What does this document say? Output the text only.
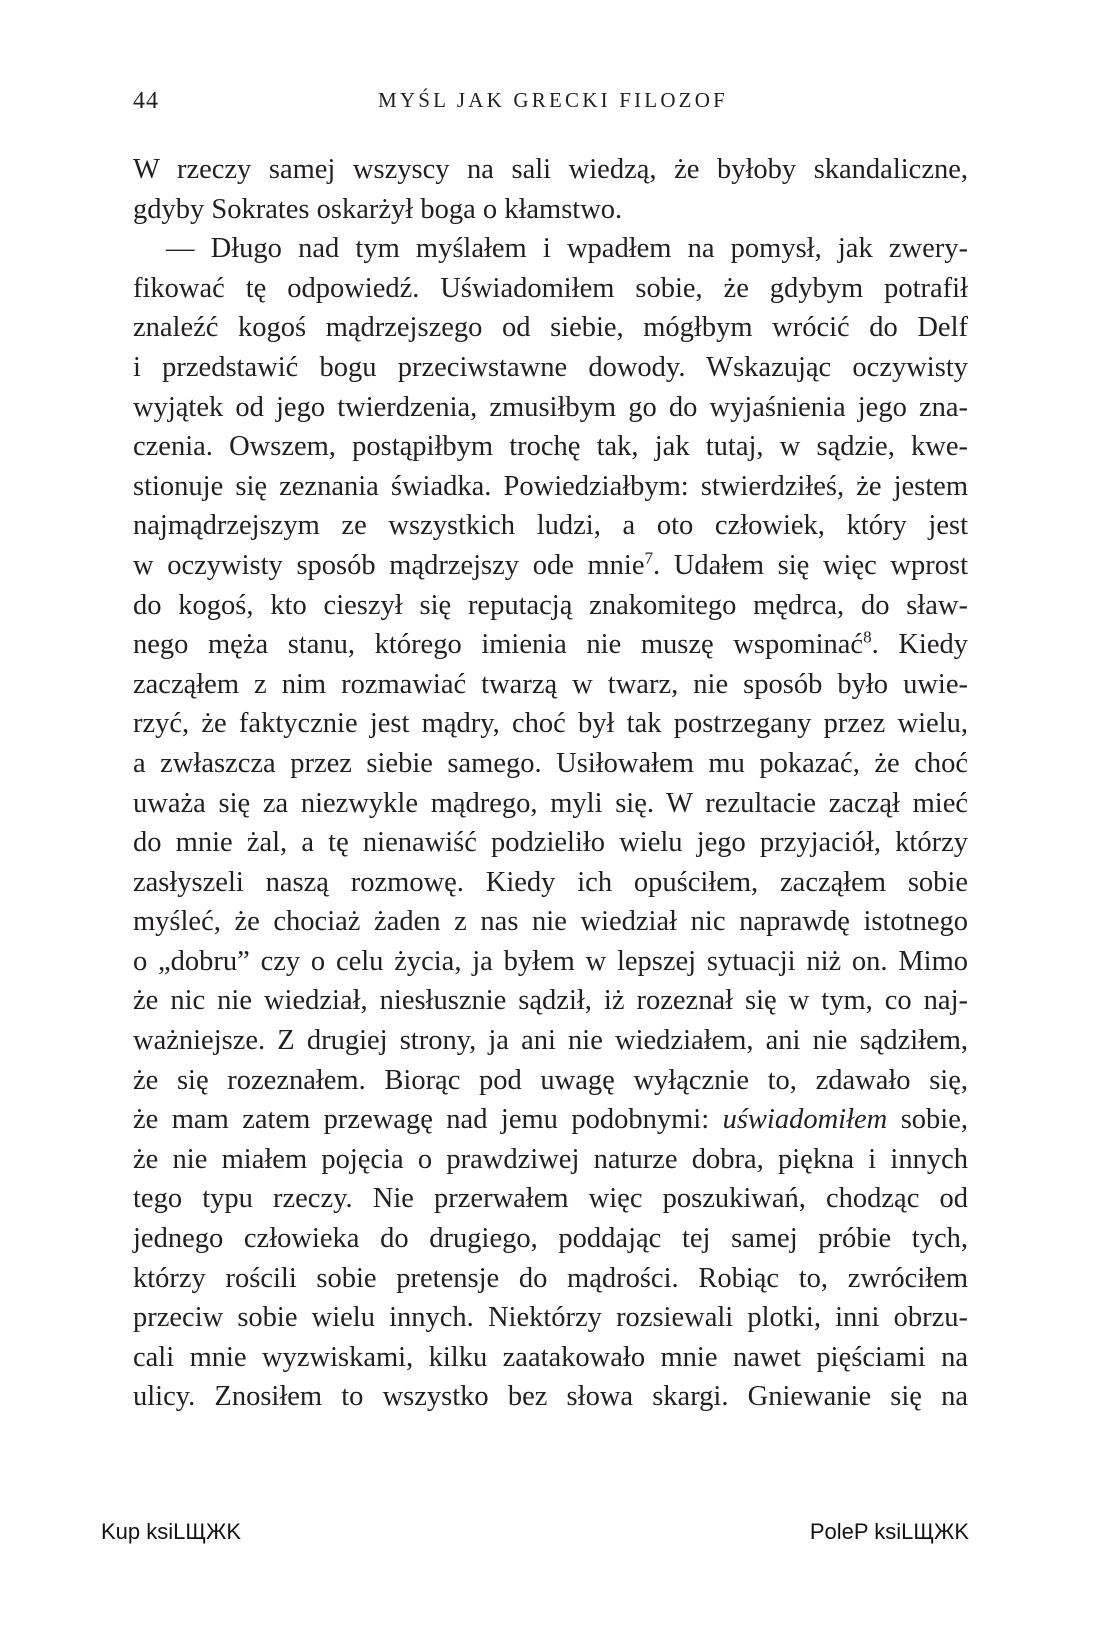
44	MYŚL JAK GRECKI FILOZOF
W rzeczy samej wszyscy na sali wiedzą, że byłoby skandaliczne,
gdyby Sokrates oskarżył boga o kłamstwo.
— Długo nad tym myślałem i wpadłem na pomysł, jak zwery-
fikować tę odpowiedź. Uświadomiłem sobie, że gdybym potrafił
znaleźć kogoś mądrzejszego od siebie, mógłbym wrócić do Delf
i przedstawić bogu przeciwstawne dowody. Wskazując oczywisty
wyjątek od jego twierdzenia, zmusiłbym go do wyjaśnienia jego zna-
czenia. Owszem, postąpiłbym trochę tak, jak tutaj, w sądzie, kwe-
stionuje się zeznania świadka. Powiedziałbym: stwierdziłeś, że jestem
najmądrzejszym ze wszystkich ludzi, a oto człowiek, który jest
w oczywisty sposób mądrzejszy ode mnie$^7$. Udałem się więc wprost
do kogoś, kto cieszył się reputacją znakomitego mędrca, do sław-
nego męża stanu, którego imienia nie muszę wspominać$^8$. Kiedy
zacząłem z nim rozmawiać twarzą w twarz, nie sposób było uwie-
rzyć, że faktycznie jest mądry, choć był tak postrzegany przez wielu,
a zwłaszcza przez siebie samego. Usiłowałem mu pokazać, że choć
uważa się za niezwykle mądrego, myli się. W rezultacie zaczął mieć
do mnie żal, a tę nienawiść podzieliło wielu jego przyjaciół, którzy
zasłyszeli naszą rozmowę. Kiedy ich opuściłem, zacząłem sobie
myśleć, że chociaż żaden z nas nie wiedział nic naprawdę istotnego
o „dobru” czy o celu życia, ja byłem w lepszej sytuacji niż on. Mimo
że nic nie wiedział, niesłusznie sądził, iż rozeznał się w tym, co naj-
ważniejsze. Z drugiej strony, ja ani nie wiedziałem, ani nie sądziłem,
że się rozeznałem. Biorąc pod uwagę wyłącznie to, zdawało się,
że mam zatem przewagę nad jemu podobnymi: uświadomiłem sobie,
że nie miałem pojęcia o prawdziwej naturze dobra, piękna i innych
tego typu rzeczy. Nie przerwałem więc poszukiwań, chodząc od
jednego człowieka do drugiego, poddając tej samej próbie tych,
którzy rościli sobie pretensje do mądrości. Robiąc to, zwróciłem
przeciw sobie wielu innych. Niektórzy rozsiewali plotki, inni obrzu-
cali mnie wyzwiskami, kilku zaatakowało mnie nawet pięściami na
ulicy. Znosiłem to wszystko bez słowa skargi. Gniewanie się na
Kup ksiLЩЖK	PoleP ksiLЩЖK
